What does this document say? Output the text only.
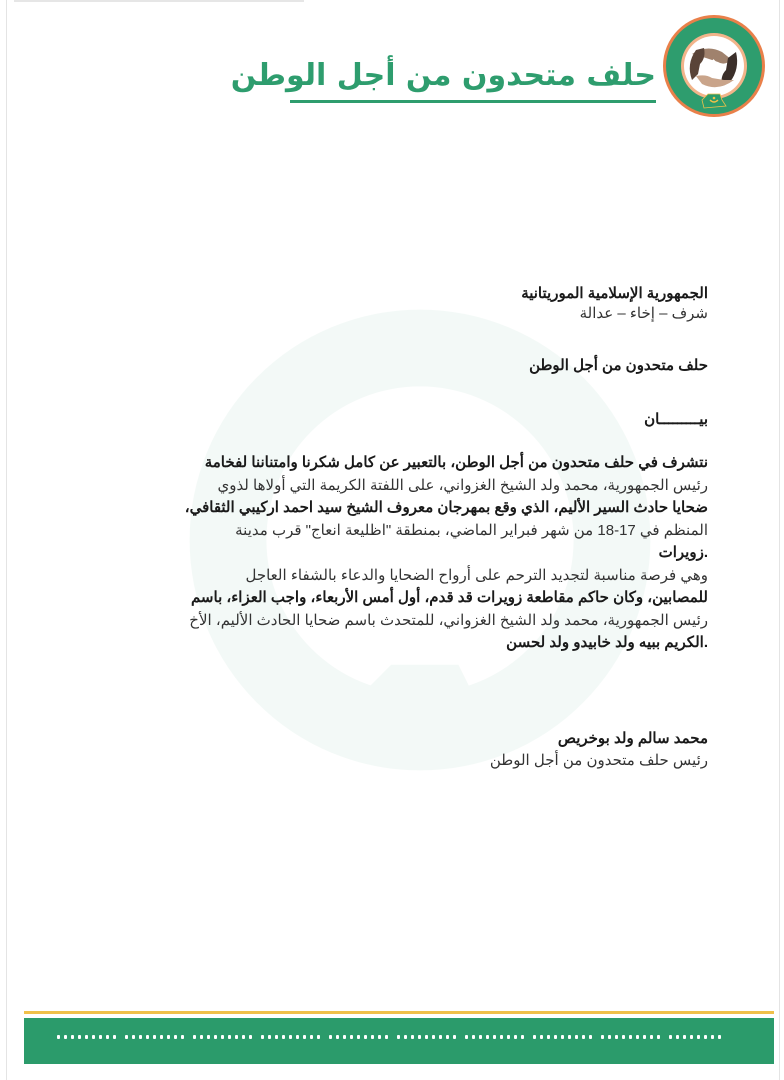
حلف متحدون من أجل الوطن
الجمهورية الإسلامية الموريتانية
شرف – إخاء – عدالة
حلف متحدون من أجل الوطن
بيـــــــــان
نتشرف في حلف متحدون من أجل الوطن، بالتعبير عن كامل شكرنا وامتناننا لفخامة
رئيس الجمهورية، محمد ولد الشيخ الغزواني، على اللفتة الكريمة التي أولاها لذوي
ضحايا حادث السير الأليم، الذي وقع بمهرجان معروف الشيخ سيد احمد اركيبي الثقافي،
المنظم في 17-18 من شهر فبراير الماضي، بمنطقة "اظليعة انعاج" قرب مدينة
.زويرات
وهي فرصة مناسبة لتجديد الترحم على أرواح الضحايا والدعاء بالشفاء العاجل
للمصابين، وكان حاكم مقاطعة زويرات قد قدم، أول أمس الأربعاء، واجب العزاء، باسم
رئيس الجمهورية، محمد ولد الشيخ الغزواني، للمتحدث باسم ضحايا الحادث الأليم، الأخ
.الكريم ببيه ولد خابيدو ولد لحسن
محمد سالم ولد بوخريص
رئيس حلف متحدون من أجل الوطن
